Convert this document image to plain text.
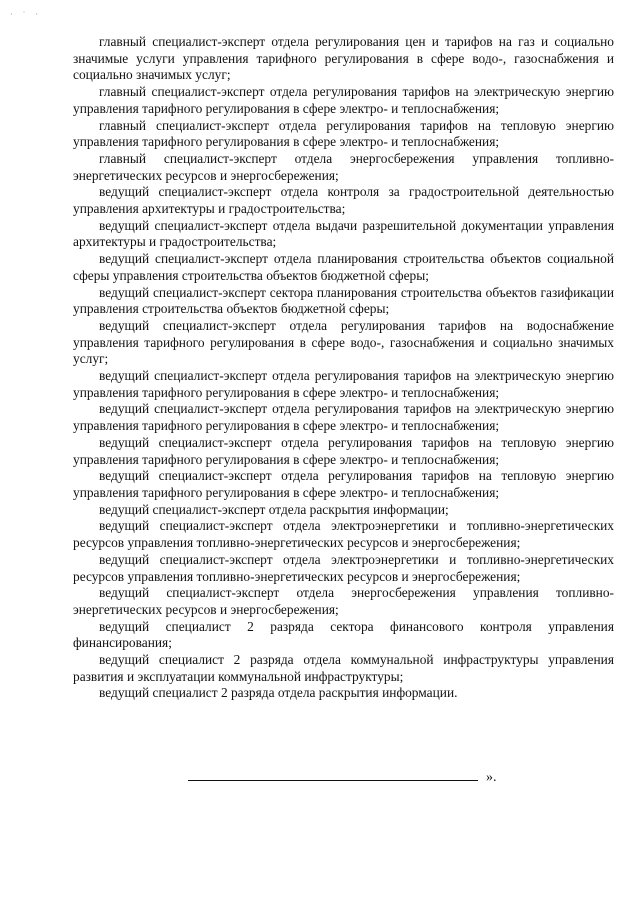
· ˙ ·

главный специалист-эксперт отдела регулирования цен и тарифов на газ и социально значимые услуги управления тарифного регулирования в сфере водо-, газоснабжения и социально значимых услуг;

главный специалист-эксперт отдела регулирования тарифов на электрическую энергию управления тарифного регулирования в сфере электро- и теплоснабжения;

главный специалист-эксперт отдела регулирования тарифов на тепловую энергию управления тарифного регулирования в сфере электро- и теплоснабжения;

главный специалист-эксперт отдела энергосбережения управления топливно-энергетических ресурсов и энергосбережения;

ведущий специалист-эксперт отдела контроля за градостроительной деятельностью управления архитектуры и градостроительства;

ведущий специалист-эксперт отдела выдачи разрешительной документации управления архитектуры и градостроительства;

ведущий специалист-эксперт отдела планирования строительства объектов социальной сферы управления строительства объектов бюджетной сферы;

ведущий специалист-эксперт сектора планирования строительства объектов газификации управления строительства объектов бюджетной сферы;

ведущий специалист-эксперт отдела регулирования тарифов на водоснабжение управления тарифного регулирования в сфере водо-, газоснабжения и социально значимых услуг;

ведущий специалист-эксперт отдела регулирования тарифов на электрическую энергию управления тарифного регулирования в сфере электро- и теплоснабжения;

ведущий специалист-эксперт отдела регулирования тарифов на электрическую энергию управления тарифного регулирования в сфере электро- и теплоснабжения;

ведущий специалист-эксперт отдела регулирования тарифов на тепловую энергию управления тарифного регулирования в сфере электро- и теплоснабжения;

ведущий специалист-эксперт отдела регулирования тарифов на тепловую энергию управления тарифного регулирования в сфере электро- и теплоснабжения;

ведущий специалист-эксперт отдела раскрытия информации;

ведущий специалист-эксперт отдела электроэнергетики и топливно-энергетических ресурсов управления топливно-энергетических ресурсов и энергосбережения;

ведущий специалист-эксперт отдела электроэнергетики и топливно-энергетических ресурсов управления топливно-энергетических ресурсов и энергосбережения;

ведущий специалист-эксперт отдела энергосбережения управления топливно-энергетических ресурсов и энергосбережения;

ведущий специалист 2 разряда сектора финансового контроля управления финансирования;

ведущий специалист 2 разряда отдела коммунальной инфраструктуры управления развития и эксплуатации коммунальной инфраструктуры;

ведущий специалист 2 разряда отдела раскрытия информации.

».
